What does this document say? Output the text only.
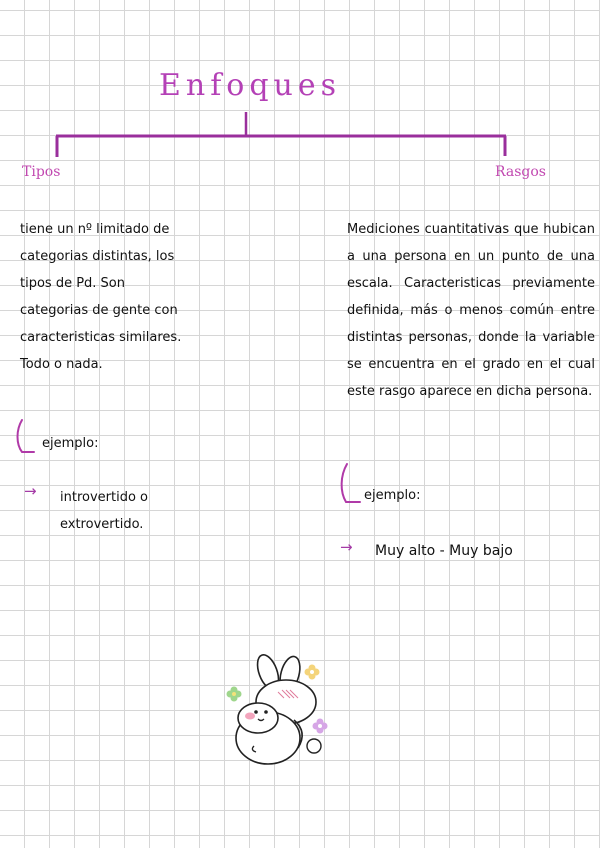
Enfoques

Tipos	Rasgos

tiene un nº limitado de categorias distintas, los tipos de Pd. Son categorias de gente con caracteristicas similares. Todo o nada.

ejemplo:
→ introvertido o extrovertido.

Mediciones cuantitativas que hubican a una persona en un punto de una escala. Caracteristicas previamente definida, más o menos común entre distintas personas, donde la variable se encuentra en el grado en el cual este rasgo aparece en dicha persona.

ejemplo:
→ Muy alto - Muy bajo
